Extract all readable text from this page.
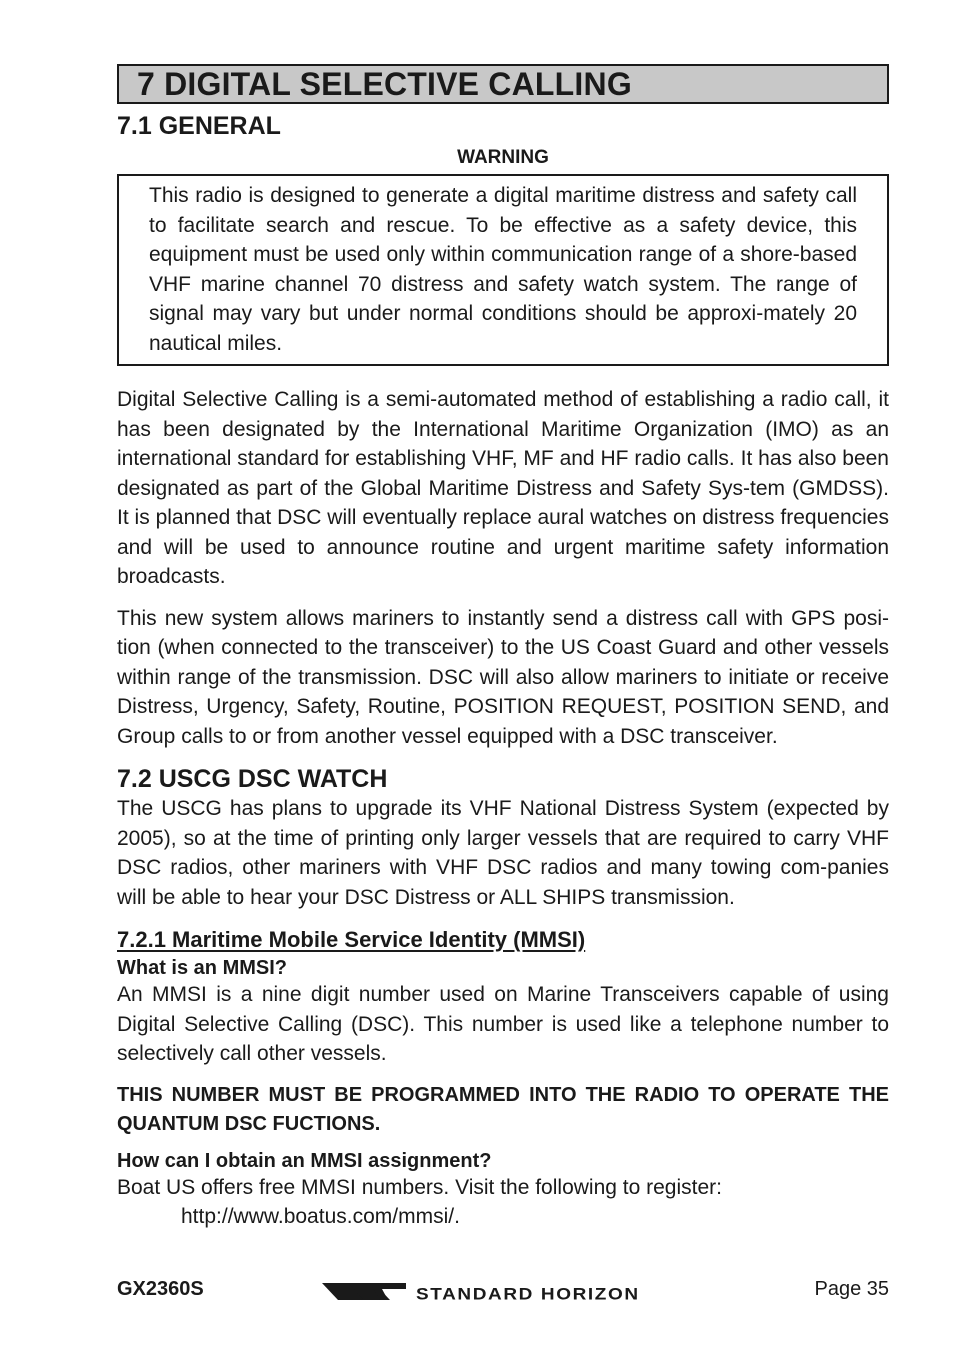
7 DIGITAL SELECTIVE CALLING
7.1 GENERAL
WARNING

This radio is designed to generate a digital maritime distress and safety call to facilitate search and rescue. To be effective as a safety device, this equipment must be used only within communication range of a shore-based VHF marine channel 70 distress and safety watch system. The range of signal may vary but under normal conditions should be approxi-mately 20 nautical miles.

Digital Selective Calling is a semi-automated method of establishing a radio call, it has been designated by the International Maritime Organization (IMO) as an international standard for establishing VHF, MF and HF radio calls. It has also been designated as part of the Global Maritime Distress and Safety Sys-tem (GMDSS). It is planned that DSC will eventually replace aural watches on distress frequencies and will be used to announce routine and urgent maritime safety information broadcasts.

This new system allows mariners to instantly send a distress call with GPS posi-tion (when connected to the transceiver) to the US Coast Guard and other vessels within range of the transmission. DSC will also allow mariners to initiate or receive Distress, Urgency, Safety, Routine, POSITION REQUEST, POSITION SEND, and Group calls to or from another vessel equipped with a DSC transceiver.

7.2 USCG DSC WATCH

The USCG has plans to upgrade its VHF National Distress System (expected by 2005), so at the time of printing only larger vessels that are required to carry VHF DSC radios, other mariners with VHF DSC radios and many towing com-panies will be able to hear your DSC Distress or ALL SHIPS transmission.

7.2.1 Maritime Mobile Service Identity (MMSI)
What is an MMSI?

An MMSI is a nine digit number used on Marine Transceivers capable of using Digital Selective Calling (DSC). This number is used like a telephone number to selectively call other vessels.

THIS NUMBER MUST BE PROGRAMMED INTO THE RADIO TO OPERATE THE QUANTUM DSC FUCTIONS.

How can I obtain an MMSI assignment?

Boat US offers free MMSI numbers. Visit the following to register:

http://www.boatus.com/mmsi/.

GX2360S	STANDARD HORIZON	Page 35
